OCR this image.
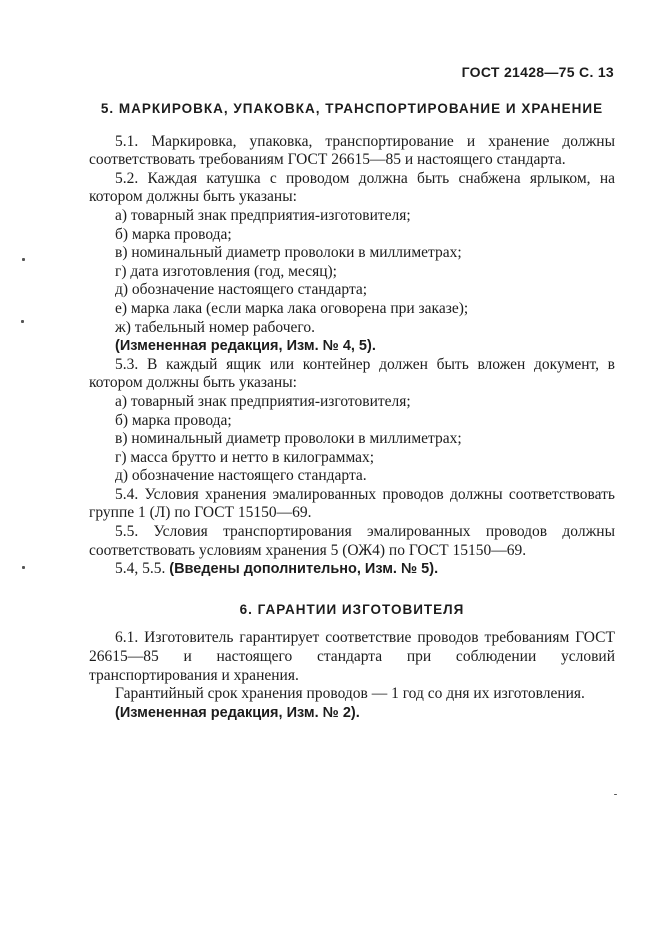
ГОСТ 21428—75 С. 13
5. МАРКИРОВКА, УПАКОВКА, ТРАНСПОРТИРОВАНИЕ И ХРАНЕНИЕ

5.1. Маркировка, упаковка, транспортирование и хранение должны соответствовать требованиям ГОСТ 26615—85 и настоящего стандарта.

5.2. Каждая катушка с проводом должна быть снабжена ярлыком, на котором должны быть указаны:

а) товарный знак предприятия-изготовителя;
б) марка провода;
в) номинальный диаметр проволоки в миллиметрах;
г) дата изготовления (год, месяц);
д) обозначение настоящего стандарта;
е) марка лака (если марка лака оговорена при заказе);
ж) табельный номер рабочего.

(Измененная редакция, Изм. № 4, 5).

5.3. В каждый ящик или контейнер должен быть вложен документ, в котором должны быть указаны:

а) товарный знак предприятия-изготовителя;
б) марка провода;
в) номинальный диаметр проволоки в миллиметрах;
г) масса брутто и нетто в килограммах;
д) обозначение настоящего стандарта.

5.4. Условия хранения эмалированных проводов должны соответствовать группе 1 (Л) по ГОСТ 15150—69.

5.5. Условия транспортирования эмалированных проводов должны соответствовать условиям хранения 5 (ОЖ4) по ГОСТ 15150—69.

5.4, 5.5. (Введены дополнительно, Изм. № 5).

6. ГАРАНТИИ ИЗГОТОВИТЕЛЯ

6.1. Изготовитель гарантирует соответствие проводов требованиям ГОСТ 26615—85 и настоящего стандарта при соблюдении условий транспортирования и хранения.

Гарантийный срок хранения проводов — 1 год со дня их изготовления.

(Измененная редакция, Изм. № 2).
